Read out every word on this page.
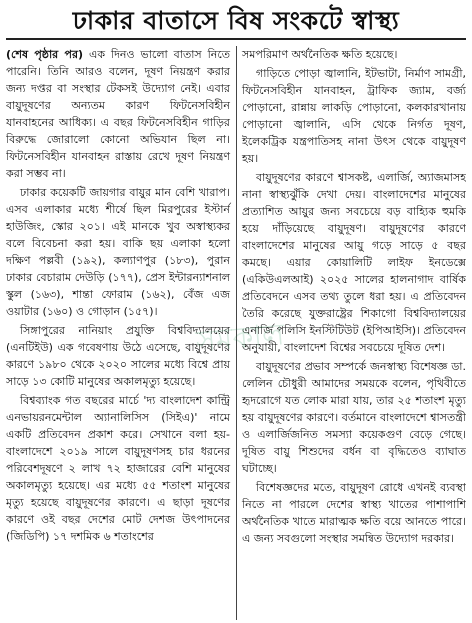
ঢাকার বাতাসে বিষ সংকটে স্বাস্থ্য

(শেষ পৃষ্ঠার পর) এক দিনও ভালো বাতাস নিতে পারেনি। তিনি আরও বলেন, দূষণ নিয়ন্ত্রণ করার জন্য দপ্তর বা সংস্থার টেকসই উদ্যোগ নেই। এবার বায়ুদূষণের অন্যতম কারণ ফিটনেসবিহীন যানবাহনের আধিক্য। এ বছর ফিটনেসবিহীন গাড়ির বিরুদ্ধে জোরালো কোনো অভিযান ছিল না। ফিটনেসবিহীন যানবাহন রাস্তায় রেখে দূষণ নিয়ন্ত্রণ করা সম্ভব না।

ঢাকার কয়েকটি জায়গার বায়ুর মান বেশি খারাপ। এসব এলাকার মধ্যে শীর্ষে ছিল মিরপুরের ইস্টার্ন হাউজিং, স্কোর ২০১। এই মানকে খুব অস্বাস্থ্যকর বলে বিবেচনা করা হয়। বাকি ছয় এলাকা হলো দক্ষিণ পল্লবী (১৯২), কল্যাণপুর (১৮৩), পুরান ঢাকার বেচারাম দেউড়ি (১৭৭), প্রেস ইন্টারন্যাশনাল স্কুল (১৬৩), শান্তা ফোরাম (১৬২), বেঁজ এজ ওয়াটার (১৬০) ও গোড়ান (১৫৭)।

সিঙ্গাপুরের নানিয়াং প্রযুক্তি বিশ্ববিদ্যালয়ের (এনটিইউ) এক গবেষণায় উঠে এসেছে, বায়ুদূষণের কারণে ১৯৮০ থেকে ২০২০ সালের মধ্যে বিশ্বে প্রায় সাড়ে ১৩ কোটি মানুষের অকালমৃত্যু হয়েছে।

বিশ্বব্যাংক গত বছরের মার্চে 'দ্য বাংলাদেশ কান্ট্রি এনভায়রনমেন্টাল অ্যানালিসিস (সিইএ)' নামে একটি প্রতিবেদন প্রকাশ করে। সেখানে বলা হয়- বাংলাদেশে ২০১৯ সালে বায়ুদূষণসহ চার ধরনের পরিবেশদূষণে ২ লাখ ৭২ হাজারের বেশি মানুষের অকালমৃত্যু হয়েছে। এর মধ্যে ৫৫ শতাংশ মানুষের মৃত্যু হয়েছে বায়ুদূষণের কারণে। এ ছাড়া দূষণের কারণে ওই বছর দেশের মোট দেশজ উৎপাদনের (জিডিপি) ১৭ দশমিক ৬ শতাংশের

সমপরিমাণ অর্থনৈতিক ক্ষতি হয়েছে।

গাড়িতে পোড়া জ্বালানি, ইটভাটা, নির্মাণ সামগ্রী, ফিটনেসবিহীন যানবাহন, ট্রাফিক জ্যাম, বর্জ্য পোড়ানো, রান্নায় লাকড়ি পোড়ানো, কলকারখানায় পোড়ানো জ্বালানি, এসি থেকে নির্গত দূষণ, ইলেকট্রিক যন্ত্রপাতিসহ নানা উৎস থেকে বায়ুদূষণ হয়।

বায়ুদূষণের কারণে শ্বাসকষ্ট, এলার্জি, অ্যাজমাসহ নানা স্বাস্থ্যঝুঁকি দেখা দেয়। বাংলাদেশের মানুষের প্রত্যাশিত আয়ুর জন্য সবচেয়ে বড় বাহ্যিক হুমকি হয়ে দাঁড়িয়েছে বায়ুদূষণ। বায়ুদূষণের কারণে বাংলাদেশের মানুষের আয়ু গড়ে সাড়ে ৫ বছর কমছে। এয়ার কোয়ালিটি লাইফ ইনডেক্সে (একিউএলআই) ২০২৫ সালের হালনাগাদ বার্ষিক প্রতিবেদনে এসব তথ্য তুলে ধরা হয়। এ প্রতিবেদন তৈরি করেছে যুক্তরাষ্ট্রের শিকাগো বিশ্ববিদ্যালয়ের এনার্জি পলিসি ইনস্টিটিউট (ইপিআইসি)। প্রতিবেদন অনুযায়ী, বাংলাদেশ বিশ্বের সবচেয়ে দূষিত দেশ।

বায়ুদূষণের প্রভাব সম্পর্কে জনস্বাস্থ্য বিশেষজ্ঞ ডা. লেলিন চৌধুরী আমাদের সময়কে বলেন, পৃথিবীতে হৃদরোগে যত লোক মারা যায়, তার ২৫ শতাংশ মৃত্যু হয় বায়ুদূষণের কারণে। বর্তমানে বাংলাদেশে শ্বাসতন্ত্রী ও এলার্জিজনিত সমস্যা কয়েকগুণ বেড়ে গেছে। দূষিত বায়ু শিশুদের বর্ধন বা বৃদ্ধিতেও ব্যাঘাত ঘটাচ্ছে।

বিশেষজ্ঞদের মতে, বায়ুদূষণ রোধে এখনই ব্যবস্থা নিতে না পারলে দেশের স্বাস্থ্য খাতের পাশাপাশি অর্থনৈতিক খাতে মারাত্মক ক্ষতি বয়ে আনতে পারে। এ জন্য সবগুলো সংস্থার সমন্বিত উদ্যোগ দরকার।

সমকাল
